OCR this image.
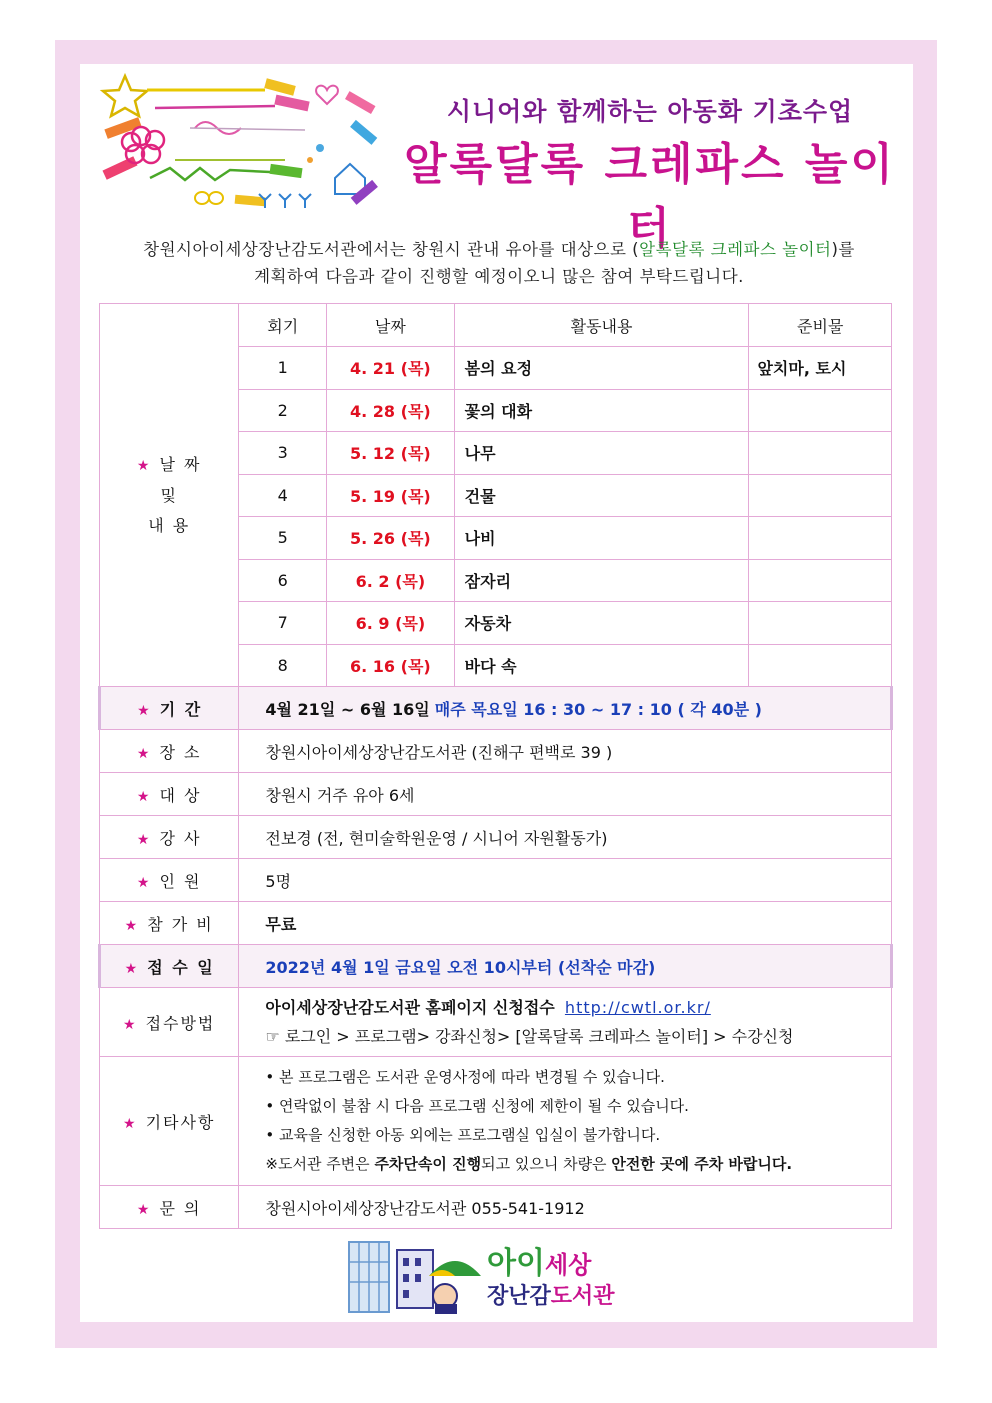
시니어와 함께하는 아동화 기초수업
알록달록 크레파스 놀이터
창원시아이세상장난감도서관에서는 창원시 관내 유아를 대상으로 (알록달록 크레파스 놀이터)를
계획하여 다음과 같이 진행할 예정이오니 많은 참여 부탁드립니다.
★ 날 짜
및
내 용	회기	날짜	활동내용	준비물
	1	4. 21 (목)	봄의 요정	앞치마, 토시
	2	4. 28 (목)	꽃의 대화	
	3	5. 12 (목)	나무	
	4	5. 19 (목)	건물	
	5	5. 26 (목)	나비	
	6	6. 2 (목)	잠자리	
	7	6. 9 (목)	자동차	
	8	6. 16 (목)	바다 속	
★ 기 간	4월 21일 ~ 6월 16일 매주 목요일 16 : 30 ~ 17 : 10 ( 각 40분 )			
★ 장 소	창원시아이세상장난감도서관 (진해구 편백로 39 )			
★ 대 상	창원시 거주 유아 6세			
★ 강 사	전보경 (전, 현미술학원운영 / 시니어 자원활동가)			
★ 인 원	5명			
★ 참 가 비	무료			
★ 접 수 일	2022년 4월 1일 금요일 오전 10시부터 (선착순 마감)			
★ 접수방법	아이세상장난감도서관 홈페이지 신청접수 http://cwtl.or.kr/
☞ 로그인 > 프로그램> 강좌신청> [알록달록 크레파스 놀이터] > 수강신청			

★ 기타사항	• 본 프로그램은 도서관 운영사정에 따라 변경될 수 있습니다.
• 연락없이 불참 시 다음 프로그램 신청에 제한이 될 수 있습니다.
• 교육을 신청한 아동 외에는 프로그램실 입실이 불가합니다.
※도서관 주변은 주차단속이 진행되고 있으니 차량은 안전한 곳에 주차 바랍니다.			

★ 문 의	창원시아이세상장난감도서관 055-541-1912			
아이세상
장난감도서관
